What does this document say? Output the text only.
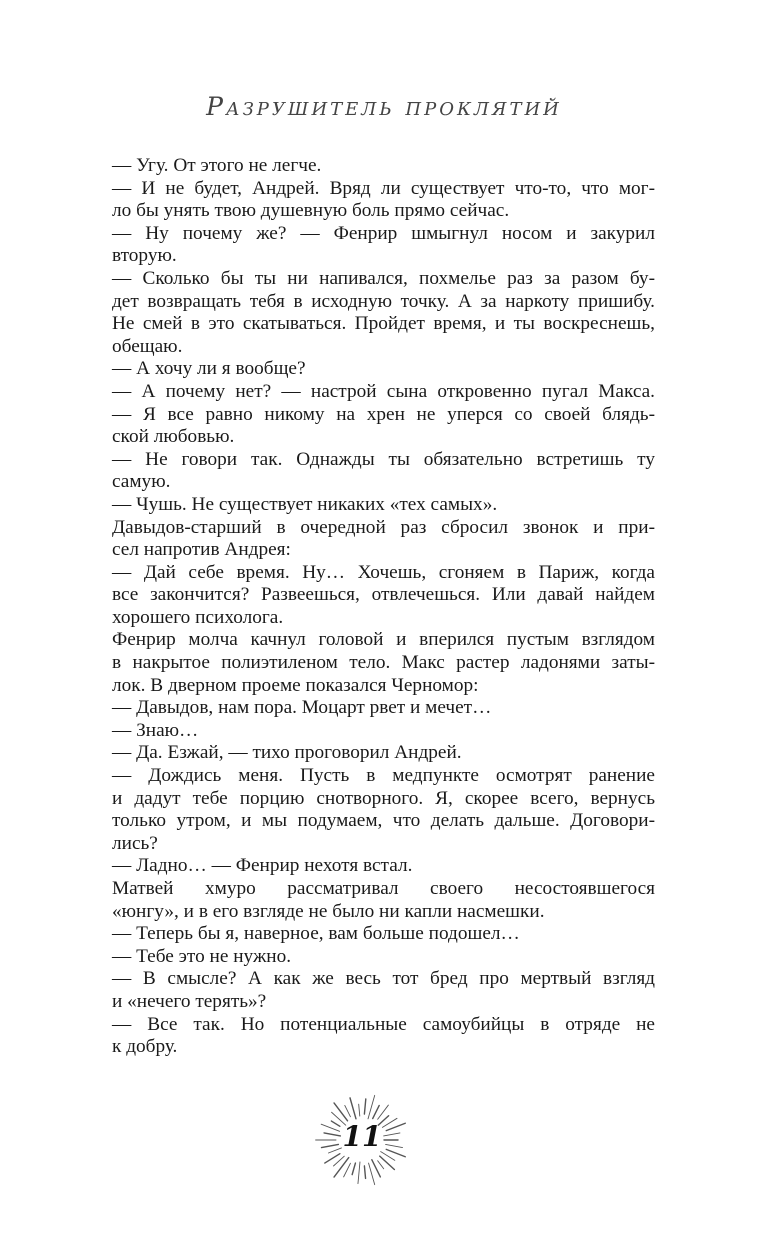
Разрушитель проклятий
— Угу. От этого не легче.
— И не будет, Андрей. Вряд ли существует что-то, что мог-
ло бы унять твою душевную боль прямо сейчас.
— Ну почему же? — Фенрир шмыгнул носом и закурил
вторую.
— Сколько бы ты ни напивался, похмелье раз за разом бу-
дет возвращать тебя в исходную точку. А за наркоту пришибу.
Не смей в это скатываться. Пройдет время, и ты воскреснешь,
обещаю.
— А хочу ли я вообще?
— А почему нет? — настрой сына откровенно пугал Макса.
— Я все равно никому на хрен не уперся со своей блядь-
ской любовью.
— Не говори так. Однажды ты обязательно встретишь ту
самую.
— Чушь. Не существует никаких «тех самых».
Давыдов-старший в очередной раз сбросил звонок и при-
сел напротив Андрея:
— Дай себе время. Ну… Хочешь, сгоняем в Париж, когда
все закончится? Развеешься, отвлечешься. Или давай найдем
хорошего психолога.
Фенрир молча качнул головой и вперился пустым взглядом
в накрытое полиэтиленом тело. Макс растер ладонями заты-
лок. В дверном проеме показался Черномор:
— Давыдов, нам пора. Моцарт рвет и мечет…
— Знаю…
— Да. Езжай, — тихо проговорил Андрей.
— Дождись меня. Пусть в медпункте осмотрят ранение
и дадут тебе порцию снотворного. Я, скорее всего, вернусь
только утром, и мы подумаем, что делать дальше. Договори-
лись?
— Ладно… — Фенрир нехотя встал.
Матвей хмуро рассматривал своего несостоявшегося
«юнгу», и в его взгляде не было ни капли насмешки.
— Теперь бы я, наверное, вам больше подошел…
— Тебе это не нужно.
— В смысле? А как же весь тот бред про мертвый взгляд
и «нечего терять»?
— Все так. Но потенциальные самоубийцы в отряде не
к добру.
11
